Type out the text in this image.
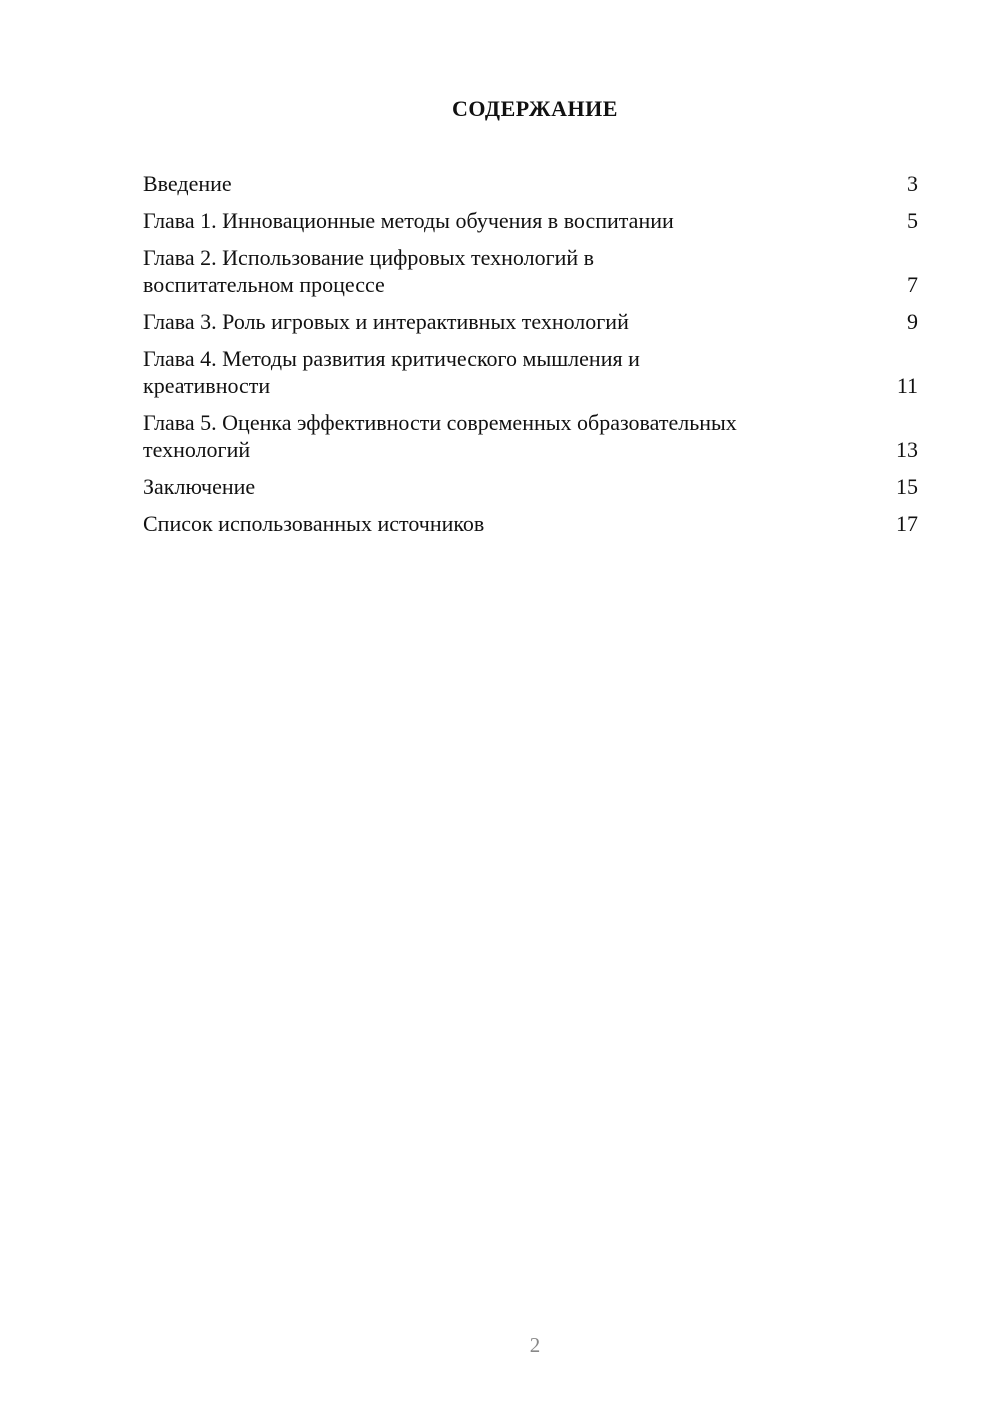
СОДЕРЖАНИЕ
Введение	3
Глава 1. Инновационные методы обучения в воспитании	5
Глава 2. Использование цифровых технологий в воспитательном процессе	7
Глава 3. Роль игровых и интерактивных технологий	9
Глава 4. Методы развития критического мышления и креативности	11
Глава 5. Оценка эффективности современных образовательных технологий	13
Заключение	15
Список использованных источников	17
2
